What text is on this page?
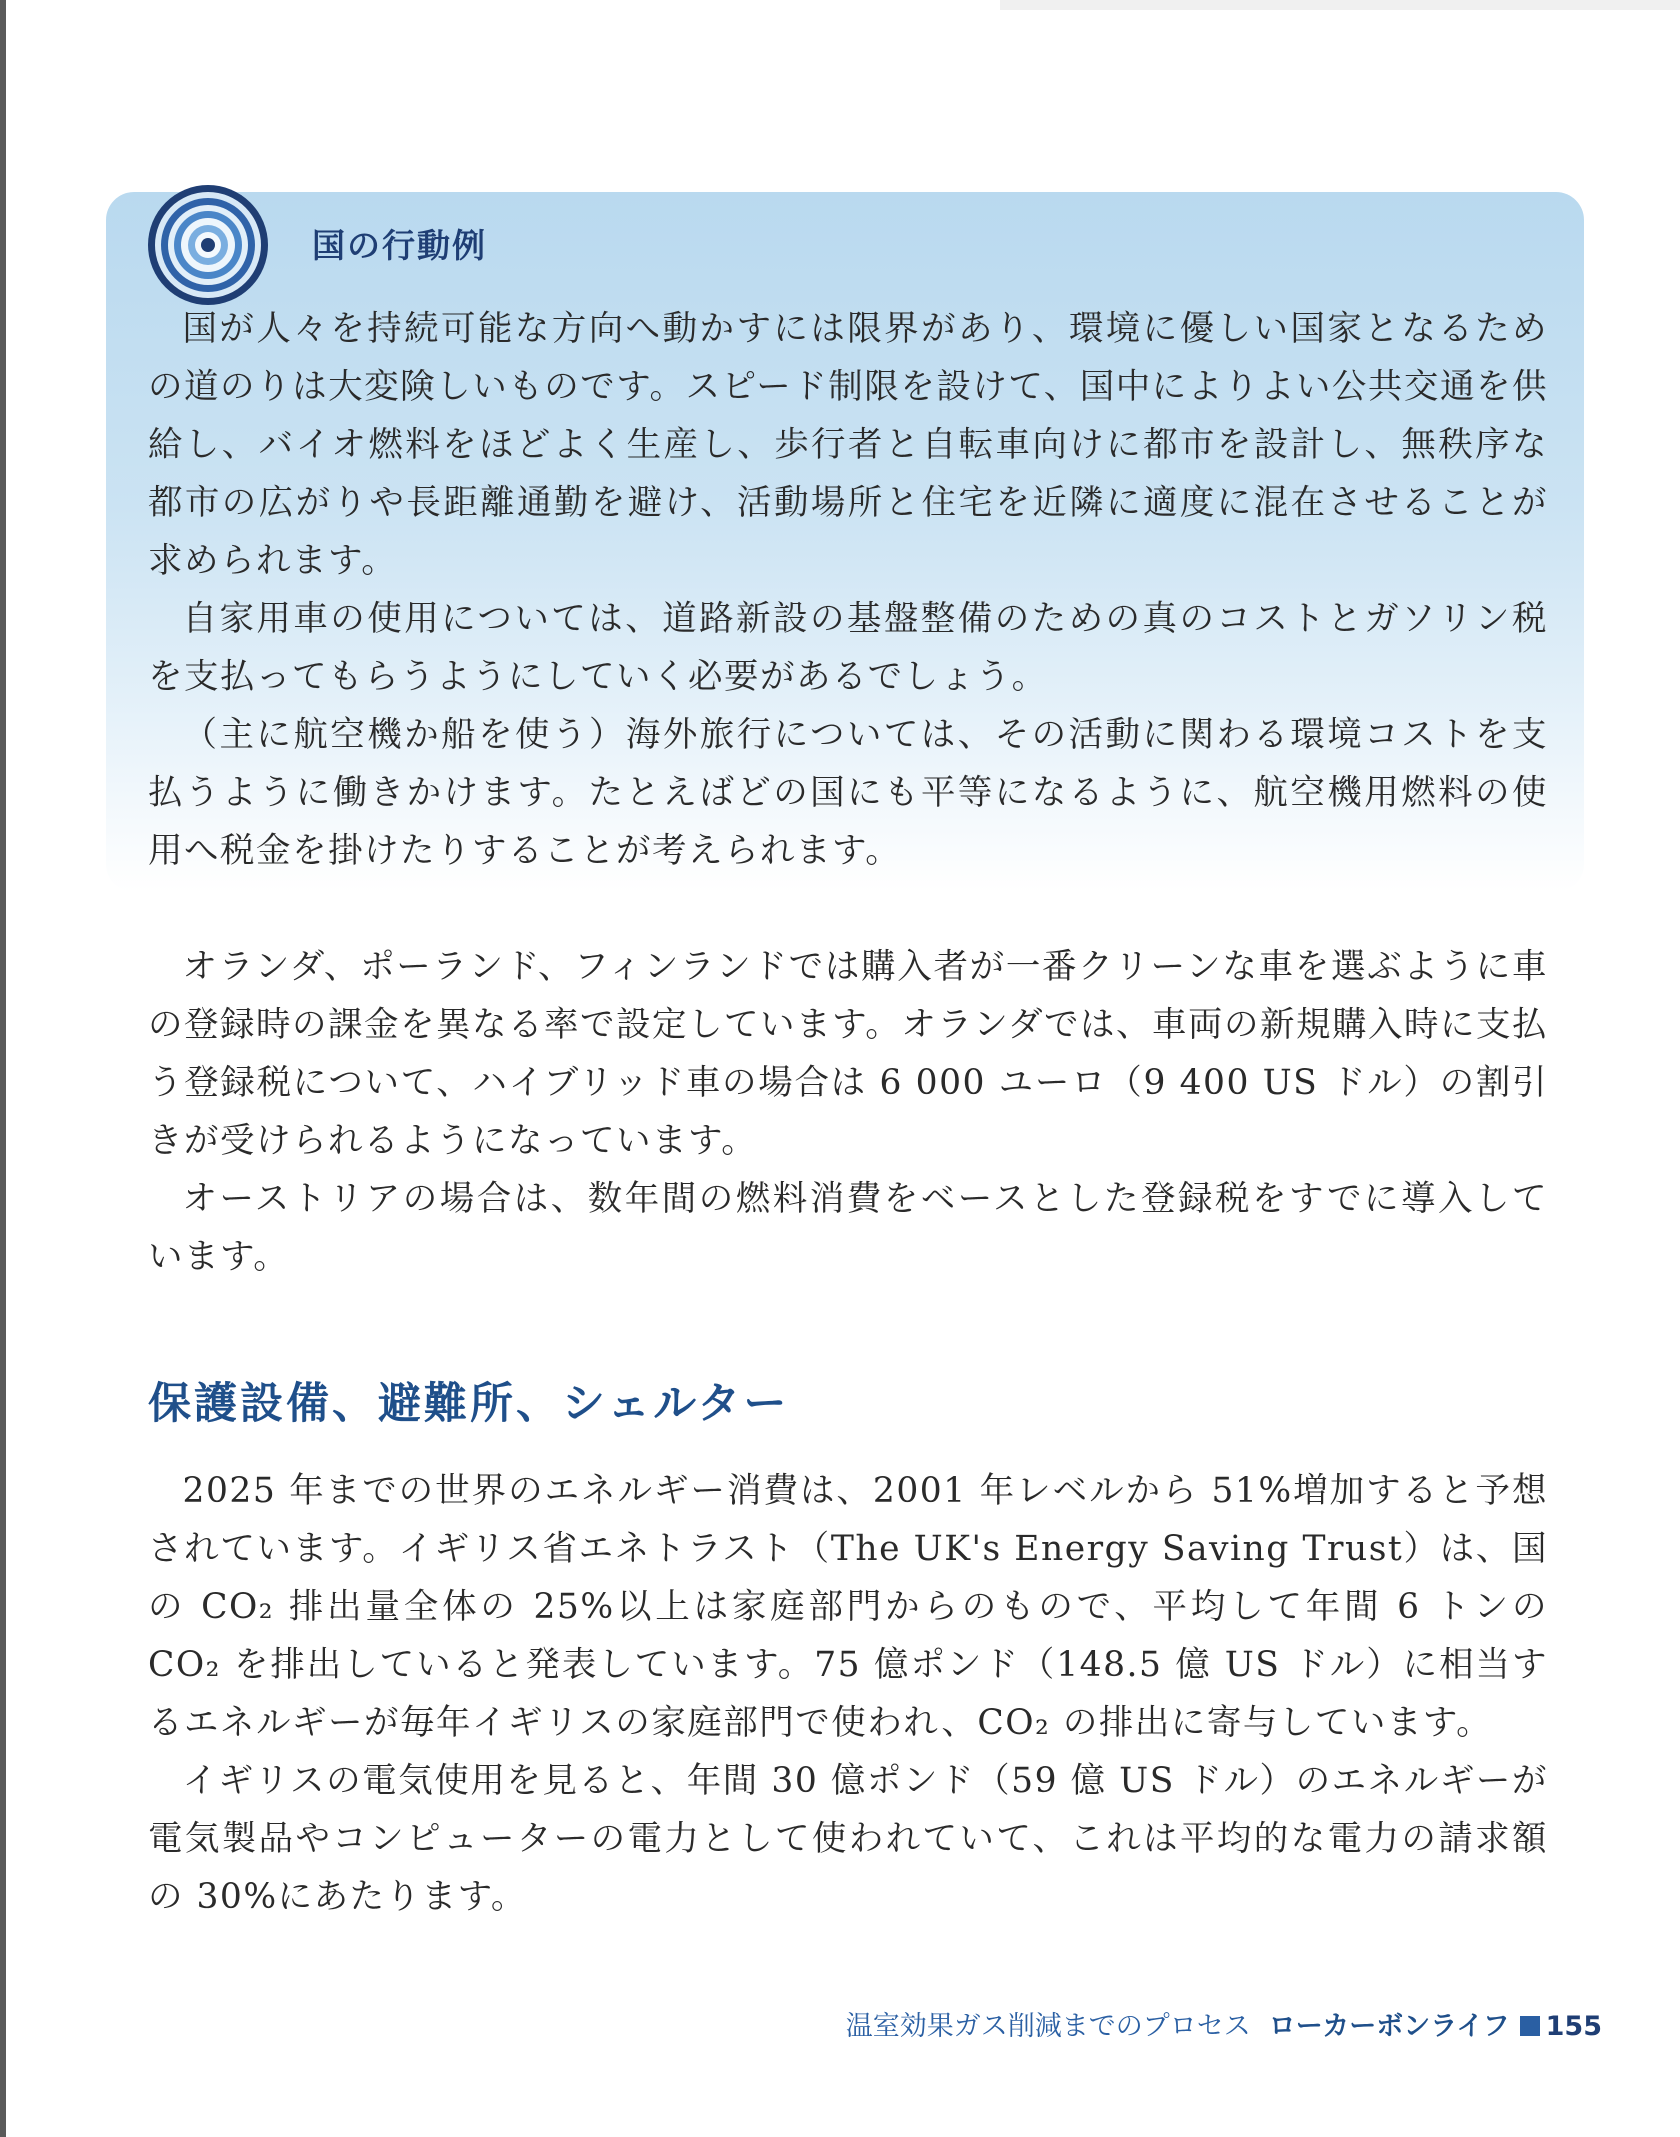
国の行動例

国が人々を持続可能な方向へ動かすには限界があり、環境に優しい国家となるための道のりは大変険しいものです。スピード制限を設けて、国中によりよい公共交通を供給し、バイオ燃料をほどよく生産し、歩行者と自転車向けに都市を設計し、無秩序な都市の広がりや長距離通勤を避け、活動場所と住宅を近隣に適度に混在させることが求められます。

自家用車の使用については、道路新設の基盤整備のための真のコストとガソリン税を支払ってもらうようにしていく必要があるでしょう。

（主に航空機か船を使う）海外旅行については、その活動に関わる環境コストを支払うように働きかけます。たとえばどの国にも平等になるように、航空機用燃料の使用へ税金を掛けたりすることが考えられます。

オランダ、ポーランド、フィンランドでは購入者が一番クリーンな車を選ぶように車の登録時の課金を異なる率で設定しています。オランダでは、車両の新規購入時に支払う登録税について、ハイブリッド車の場合は 6 000 ユーロ（9 400 US ドル）の割引きが受けられるようになっています。

オーストリアの場合は、数年間の燃料消費をベースとした登録税をすでに導入しています。

保護設備、避難所、シェルター

2025 年までの世界のエネルギー消費は、2001 年レベルから 51%増加すると予想されています。イギリス省エネトラスト（The UK's Energy Saving Trust）は、国の CO₂ 排出量全体の 25%以上は家庭部門からのもので、平均して年間 6 トンの CO₂ を排出していると発表しています。75 億ポンド（148.5 億 US ドル）に相当するエネルギーが毎年イギリスの家庭部門で使われ、CO₂ の排出に寄与しています。

イギリスの電気使用を見ると、年間 30 億ポンド（59 億 US ドル）のエネルギーが電気製品やコンピューターの電力として使われていて、これは平均的な電力の請求額の 30%にあたります。

温室効果ガス削減までのプロセス ローカーボンライフ 155
